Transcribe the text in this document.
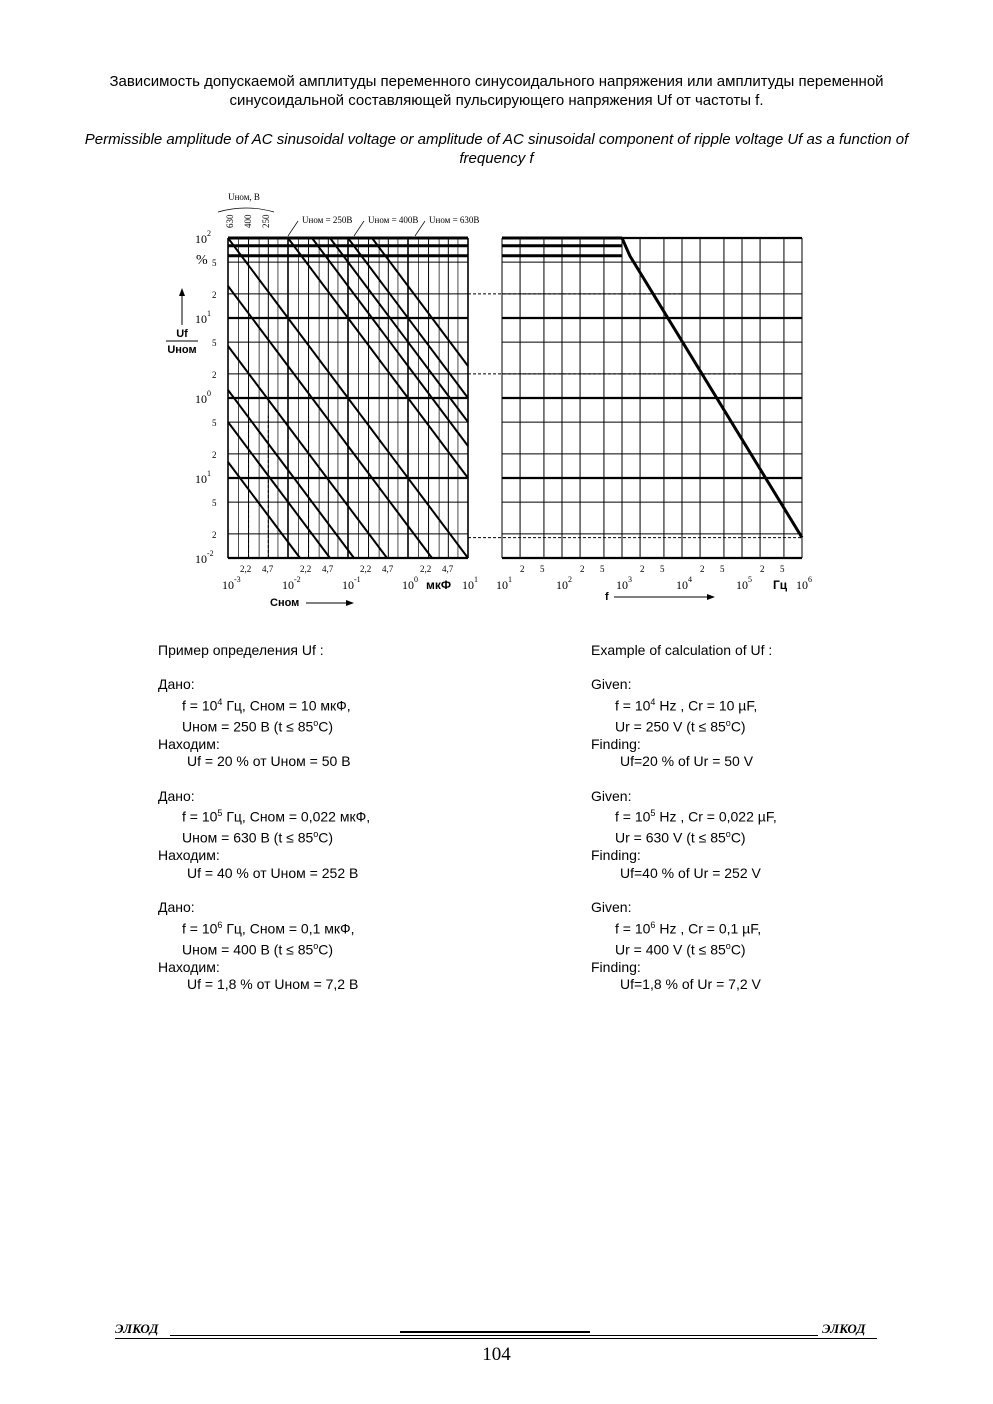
Зависимость допускаемой амплитуды переменного синусоидального напряжения или амплитуды переменной синусоидальной составляющей пульсирующего напряжения Uf от частоты f.
Permissible amplitude of AC sinusoidal voltage or amplitude of AC sinusoidal component of ripple voltage Uf as a function of frequency f
10 2
5
2
10 1
5
2
10 0
5
2
10 1
5
2
10 -2
%
Uf
Uном
Uном, В
630 400 250	Uном = 250В Uном = 400В Uном = 630В
10 -3
2,2 4,7
10 -2
2,2 4,7
10 -1
2,2 4,7
10 0
2,2 4,7
10 1
мкФ
Cном
10 1
2 5
10 2
2 5
10 3
2 5
10 4
2 5
10 5
2 5
10 6
Гц
f
Пример определения Uf :
Дано:
$f = 10^4$ Гц, Cном = 10 мкФ,
Uном = 250 В $(t \le 85^oC)$
Находим:
Uf = 20 % от Uном = 50 В
Дано:
$f = 10^5$ Гц, Cном = 0,022 мкФ,
Uном = 630 В $(t \le 85^oC)$
Находим:
Uf = 40 % от Uном = 252 В
Дано:
$f = 10^6$ Гц, Cном = 0,1 мкФ,
Uном = 400 В $(t \le 85^oC)$
Находим:
Uf = 1,8 % от Uном = 7,2 В
Example of calculation of Uf :
Given:
$f = 10^4$ Hz , Cr = 10 µF,
Ur = 250 V $(t \le 85^oC)$
Finding:
Uf=20 % of Ur = 50 V
Given:
$f = 10^5$ Hz , Cr = 0,022 µF,
Ur = 630 V $(t \le 85^oC)$
Finding:
Uf=40 % of Ur = 252 V
Given:
$f = 10^6$ Hz , Cr = 0,1 µF,
Ur = 400 V $(t \le 85^oC)$
Finding:
Uf=1,8 % of Ur = 7,2 V
ЭЛКОД	ЭЛКОД
104
